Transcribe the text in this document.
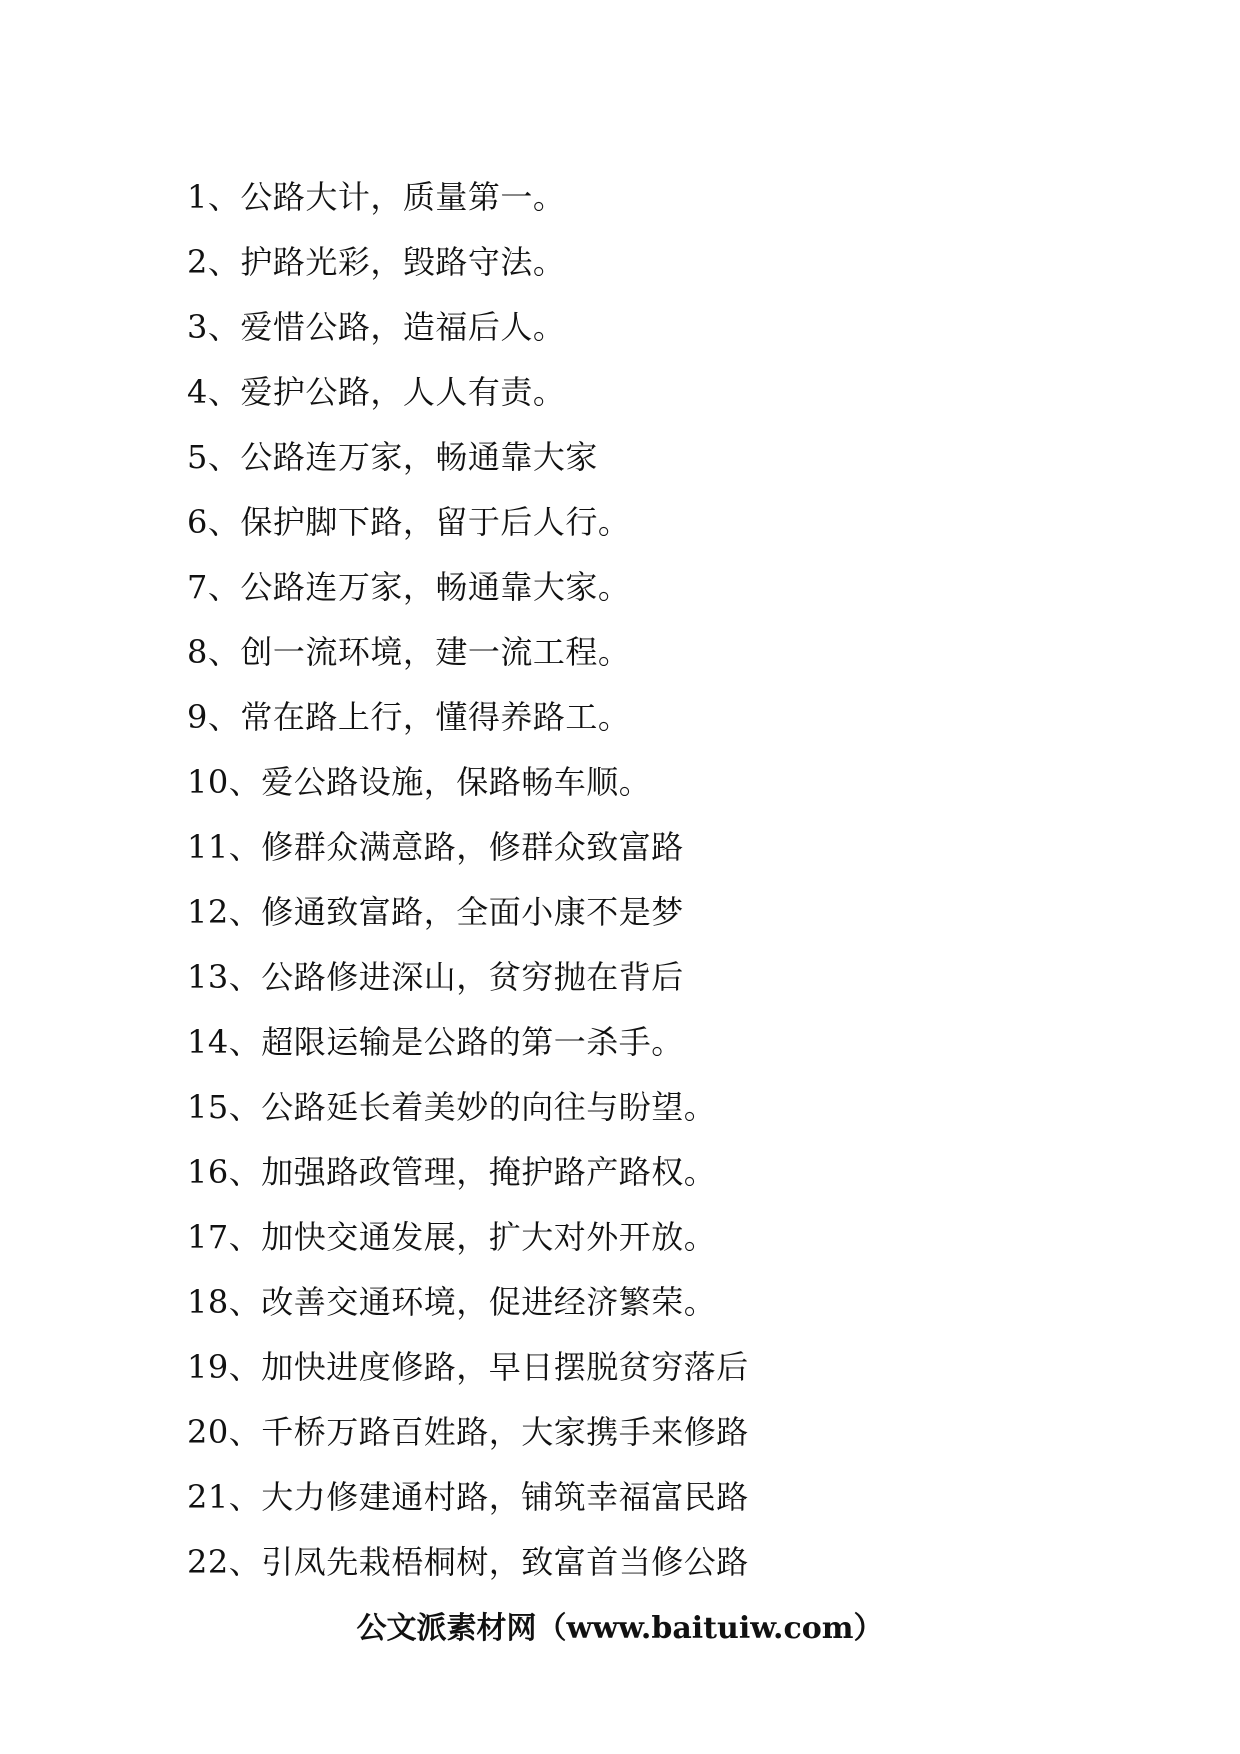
1、公路大计，质量第一。
2、护路光彩，毁路守法。
3、爱惜公路，造福后人。
4、爱护公路，人人有责。
5、公路连万家，畅通靠大家
6、保护脚下路，留于后人行。
7、公路连万家，畅通靠大家。
8、创一流环境，建一流工程。
9、常在路上行，懂得养路工。
10、爱公路设施，保路畅车顺。
11、修群众满意路，修群众致富路
12、修通致富路，全面小康不是梦
13、公路修进深山，贫穷抛在背后
14、超限运输是公路的第一杀手。
15、公路延长着美妙的向往与盼望。
16、加强路政管理，掩护路产路权。
17、加快交通发展，扩大对外开放。
18、改善交通环境，促进经济繁荣。
19、加快进度修路，早日摆脱贫穷落后
20、千桥万路百姓路，大家携手来修路
21、大力修建通村路，铺筑幸福富民路
22、引凤先栽梧桐树，致富首当修公路
公文派素材网（www.baituiw.com）
